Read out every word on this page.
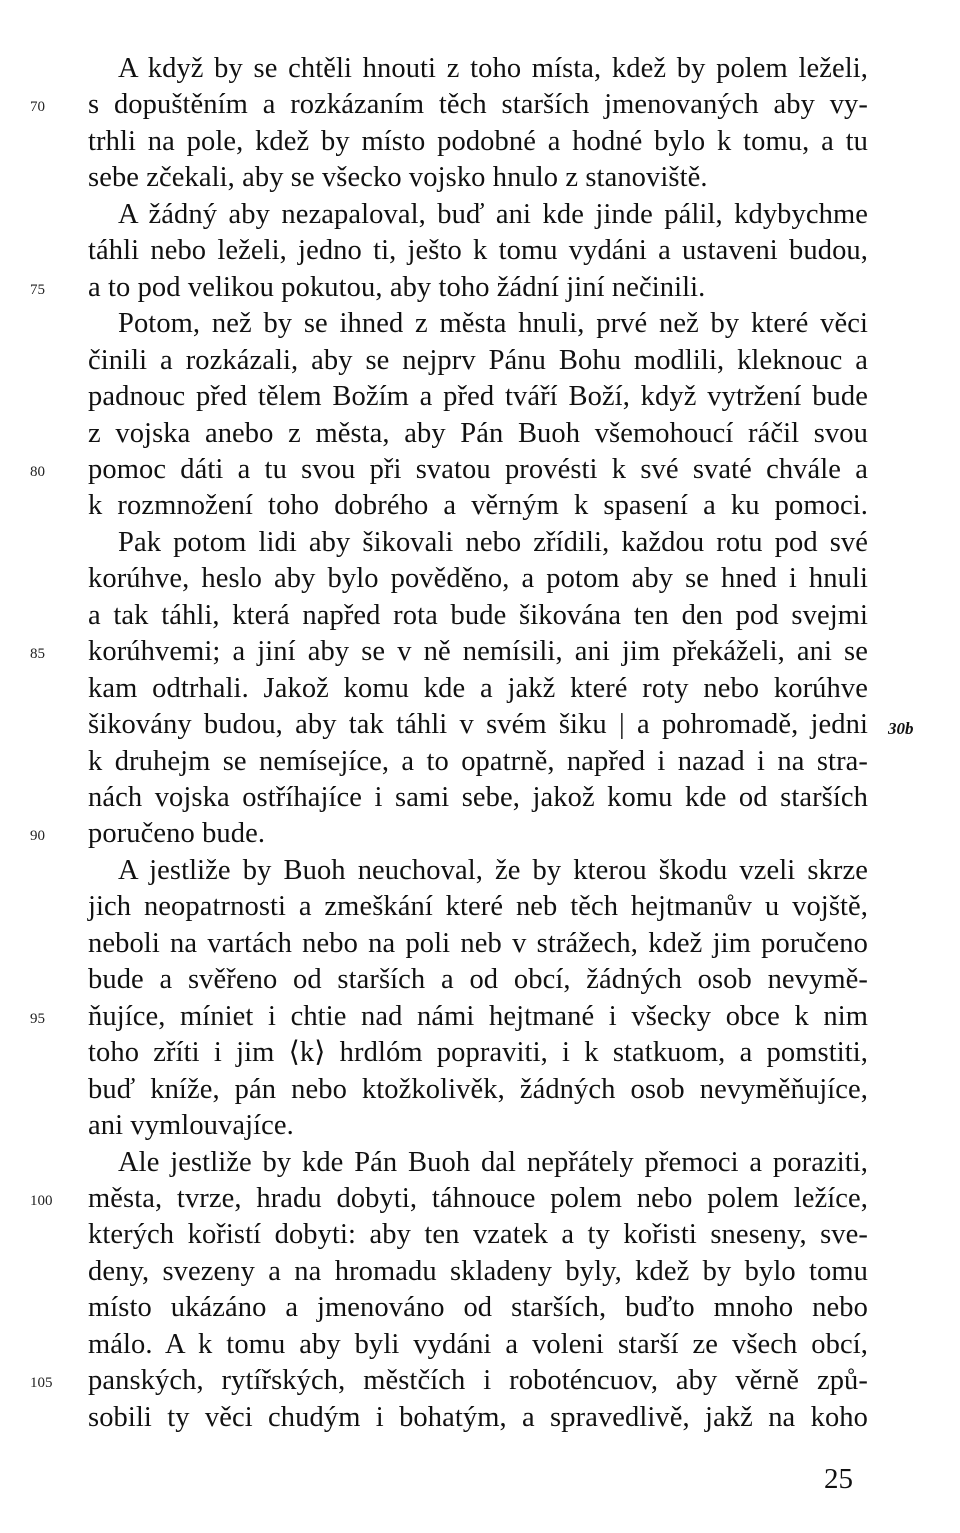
A když by se chtěli hnouti z toho místa, kdež by polem leželi,
s dopuštěním a rozkázaním těch starších jmenovaných aby vy-
trhli na pole, kdež by místo podobné a hodné bylo k tomu, a tu
sebe zčekali, aby se všecko vojsko hnulo z stanoviště.
A žádný aby nezapaloval, buď ani kde jinde pálil, kdybychme
táhli nebo leželi, jedno ti, ješto k tomu vydáni a ustaveni budou,
a to pod velikou pokutou, aby toho žádní jiní nečinili.
Potom, než by se ihned z města hnuli, prvé než by které věci
činili a rozkázali, aby se nejprv Pánu Bohu modlili, kleknouc a
padnouc před tělem Božím a před tváří Boží, když vytržení bude
z vojska anebo z města, aby Pán Buoh všemohoucí ráčil svou
pomoc dáti a tu svou při svatou provésti k své svaté chvále a
k rozmnožení toho dobrého a věrným k spasení a ku pomoci.
Pak potom lidi aby šikovali nebo zřídili, každou rotu pod své
korúhve, heslo aby bylo pověděno, a potom aby se hned i hnuli
a tak táhli, která napřed rota bude šikována ten den pod svejmi
korúhvemi; a jiní aby se v ně nemísili, ani jim překáželi, ani se
kam odtrhali. Jakož komu kde a jakž které roty nebo korúhve
šikovány budou, aby tak táhli v svém šiku | a pohromadě, jedni
k druhejm se nemísejíce, a to opatrně, napřed i nazad i na stra-
nách vojska ostříhajíce i sami sebe, jakož komu kde od starších
poručeno bude.
A jestliže by Buoh neuchoval, že by kterou škodu vzeli skrze
jich neopatrnosti a zmeškání které neb těch hejtmanův u vojště,
neboli na vartách nebo na poli neb v strážech, kdež jim poručeno
bude a svěřeno od starších a od obcí, žádných osob nevymě-
ňujíce, míniet i chtie nad námi hejtmané i všecky obce k nim
toho zříti i jim ⟨k⟩ hrdlóm popraviti, i k statkuom, a pomstiti,
buď kníže, pán nebo ktožkolivěk, žádných osob nevyměňujíce,
ani vymlouvajíce.
Ale jestliže by kde Pán Buoh dal nepřátely přemoci a poraziti,
města, tvrze, hradu dobyti, táhnouce polem nebo polem ležíce,
kterých kořistí dobyti: aby ten vzatek a ty kořisti sneseny, sve-
deny, svezeny a na hromadu skladeny byly, kdež by bylo tomu
místo ukázáno a jmenováno od starších, buďto mnoho nebo
málo. A k tomu aby byli vydáni a voleni starší ze všech obcí,
panských, rytířských, městčích i roboténcuov, aby věrně způ-
sobili ty věci chudým i bohatým, a spravedlivě, jakž na koho
70
75
80
85
90
95
100
105
30b
25
